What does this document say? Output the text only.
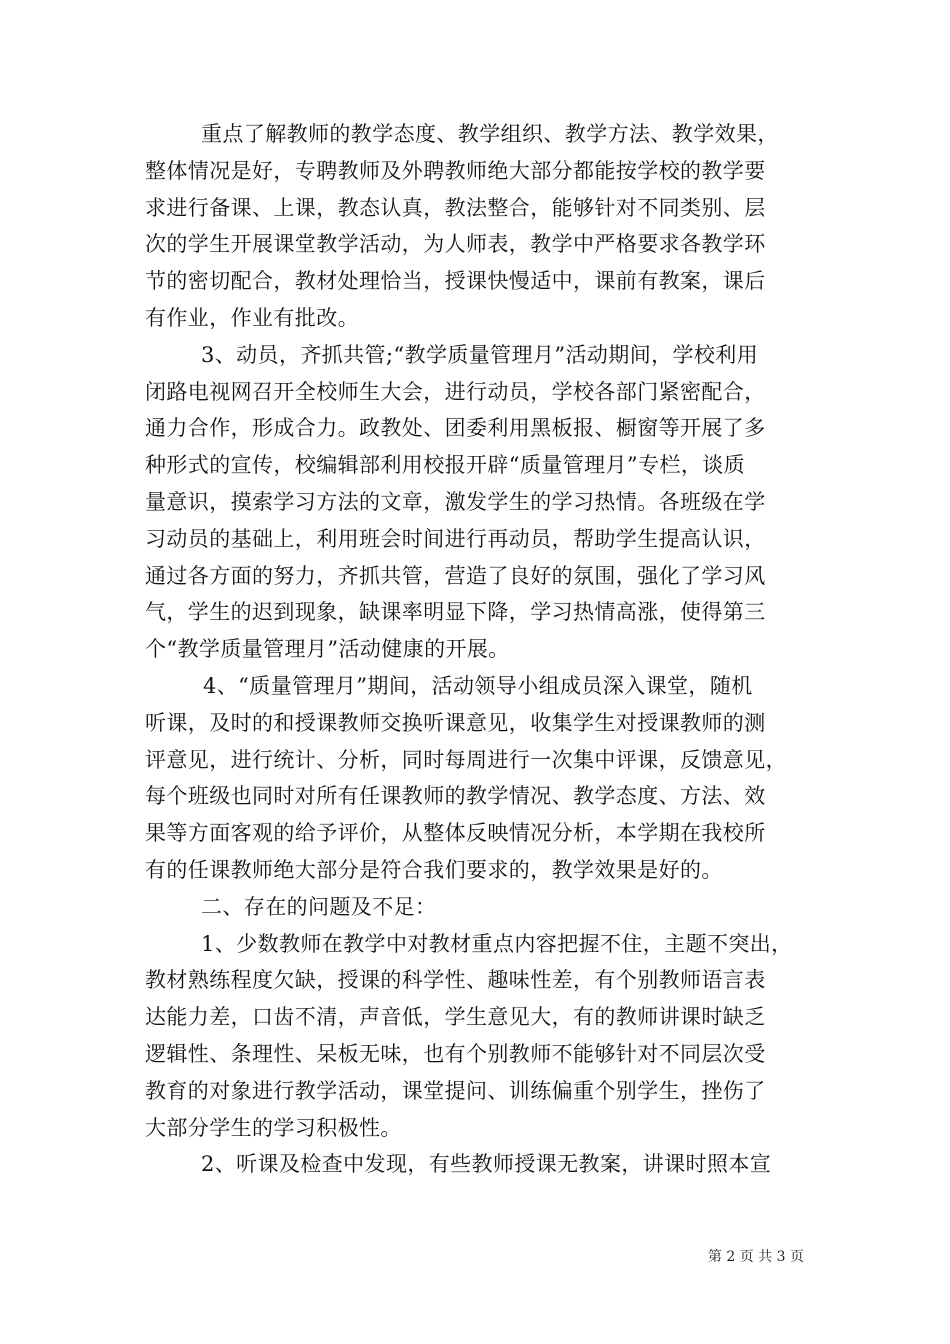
重点了解教师的教学态度、教学组织、教学方法、教学效果，
整体情况是好，专聘教师及外聘教师绝大部分都能按学校的教学要
求进行备课、上课，教态认真，教法整合，能够针对不同类别、层
次的学生开展课堂教学活动，为人师表，教学中严格要求各教学环
节的密切配合，教材处理恰当，授课快慢适中，课前有教案，课后
有作业，作业有批改。
3、动员，齐抓共管;“教学质量管理月”活动期间，学校利用
闭路电视网召开全校师生大会，进行动员，学校各部门紧密配合，
通力合作，形成合力。政教处、团委利用黑板报、橱窗等开展了多
种形式的宣传，校编辑部利用校报开辟“质量管理月”专栏，谈质
量意识，摸索学习方法的文章，激发学生的学习热情。各班级在学
习动员的基础上，利用班会时间进行再动员，帮助学生提高认识，
通过各方面的努力，齐抓共管，营造了良好的氛围，强化了学习风
气，学生的迟到现象，缺课率明显下降，学习热情高涨，使得第三
个“教学质量管理月”活动健康的开展。
4、“质量管理月”期间，活动领导小组成员深入课堂，随机
听课，及时的和授课教师交换听课意见，收集学生对授课教师的测
评意见，进行统计、分析，同时每周进行一次集中评课，反馈意见，
每个班级也同时对所有任课教师的教学情况、教学态度、方法、效
果等方面客观的给予评价，从整体反映情况分析，本学期在我校所
有的任课教师绝大部分是符合我们要求的，教学效果是好的。
二、存在的问题及不足：
1、少数教师在教学中对教材重点内容把握不住，主题不突出，
教材熟练程度欠缺，授课的科学性、趣味性差，有个别教师语言表
达能力差，口齿不清，声音低，学生意见大，有的教师讲课时缺乏
逻辑性、条理性、呆板无味，也有个别教师不能够针对不同层次受
教育的对象进行教学活动，课堂提问、训练偏重个别学生，挫伤了
大部分学生的学习积极性。
2、听课及检查中发现，有些教师授课无教案，讲课时照本宣
第 2 页 共 3 页
